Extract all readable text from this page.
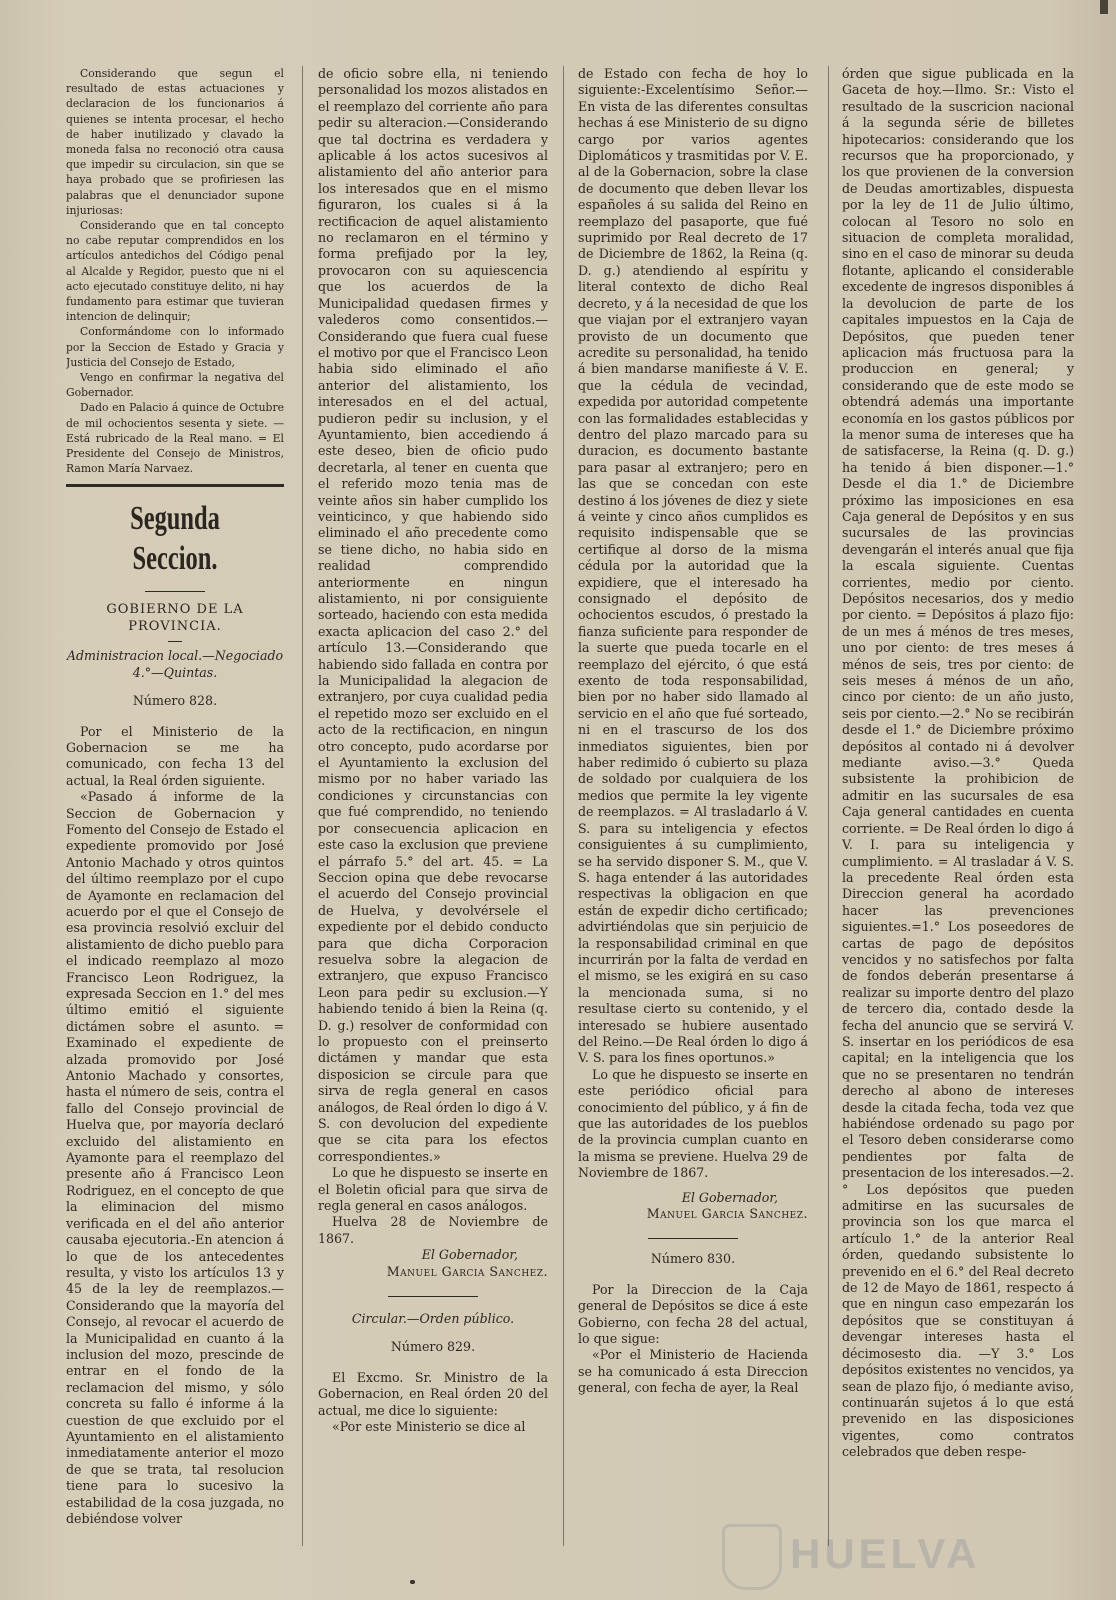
Considerando que segun el resultado de estas actuaciones y declaracion de los funcionarios á quienes se intenta procesar, el hecho de haber inutilizado y clavado la moneda falsa no reconoció otra causa que impedir su circulacion, sin que se haya probado que se profiriesen las palabras que el denunciador supone injuriosas:

Considerando que en tal concepto no cabe reputar comprendidos en los artículos antedichos del Código penal al Alcalde y Regidor, puesto que ni el acto ejecutado constituye delito, ni hay fundamento para estimar que tuvieran intencion de delinquir;

Conformándome con lo informado por la Seccion de Estado y Gracia y Justicia del Consejo de Estado,

Vengo en confirmar la negativa del Gobernador.

Dado en Palacio á quince de Octubre de mil ochocientos sesenta y siete. —Está rubricado de la Real mano. = El Presidente del Consejo de Ministros, Ramon María Narvaez.

Segunda Seccion.
GOBIERNO DE LA PROVINCIA.

Administracion local.—Negociado 4.°—Quintas.

Número 828.

Por el Ministerio de la Gobernacion se me ha comunicado, con fecha 13 del actual, la Real órden siguiente.

«Pasado á informe de la Seccion de Gobernacion y Fomento del Consejo de Estado el expediente promovido por José Antonio Machado y otros quintos del último reemplazo por el cupo de Ayamonte en reclamacion del acuerdo por el que el Consejo de esa provincia resolvió excluir del alistamiento de dicho pueblo para el indicado reemplazo al mozo Francisco Leon Rodriguez, la expresada Seccion en 1.° del mes último emitió el siguiente dictámen sobre el asunto. = Examinado el expediente de alzada promovido por José Antonio Machado y consortes, hasta el número de seis, contra el fallo del Consejo provincial de Huelva que, por mayoría declaró excluido del alistamiento en Ayamonte para el reemplazo del presente año á Francisco Leon Rodriguez, en el concepto de que la eliminacion del mismo verificada en el del año anterior causaba ejecutoria.-En atencion á lo que de los antecedentes resulta, y visto los artículos 13 y 45 de la ley de reemplazos.—Considerando que la mayoría del Consejo, al revocar el acuerdo de la Municipalidad en cuanto á la inclusion del mozo, prescinde de entrar en el fondo de la reclamacion del mismo, y sólo concreta su fallo é informe á la cuestion de que excluido por el Ayuntamiento en el alistamiento inmediatamente anterior el mozo de que se trata, tal resolucion tiene para lo sucesivo la estabilidad de la cosa juzgada, no debiéndose volver

de oficio sobre ella, ni teniendo personalidad los mozos alistados en el reemplazo del corriente año para pedir su alteracion.—Considerando que tal doctrina es verdadera y aplicable á los actos sucesivos al alistamiento del año anterior para los interesados que en el mismo figuraron, los cuales si á la rectificacion de aquel alistamiento no reclamaron en el término y forma prefijado por la ley, provocaron con su aquiescencia que los acuerdos de la Municipalidad quedasen firmes y valederos como consentidos.—Considerando que fuera cual fuese el motivo por que el Francisco Leon habia sido eliminado el año anterior del alistamiento, los interesados en el del actual, pudieron pedir su inclusion, y el Ayuntamiento, bien accediendo á este deseo, bien de oficio pudo decretarla, al tener en cuenta que el referido mozo tenia mas de veinte años sin haber cumplido los veinticinco, y que habiendo sido eliminado el año precedente como se tiene dicho, no habia sido en realidad comprendido anteriormente en ningun alistamiento, ni por consiguiente sorteado, haciendo con esta medida exacta aplicacion del caso 2.° del artículo 13.—Considerando que habiendo sido fallada en contra por la Municipalidad la alegacion de extranjero, por cuya cualidad pedia el repetido mozo ser excluido en el acto de la rectificacion, en ningun otro concepto, pudo acordarse por el Ayuntamiento la exclusion del mismo por no haber variado las condiciones y circunstancias con que fué comprendido, no teniendo por consecuencia aplicacion en este caso la exclusion que previene el párrafo 5.° del art. 45. = La Seccion opina que debe revocarse el acuerdo del Consejo provincial de Huelva, y devolvérsele el expediente por el debido conducto para que dicha Corporacion resuelva sobre la alegacion de extranjero, que expuso Francisco Leon para pedir su exclusion.—Y habiendo tenido á bien la Reina (q. D. g.) resolver de conformidad con lo propuesto con el preinserto dictámen y mandar que esta disposicion se circule para que sirva de regla general en casos análogos, de Real órden lo digo á V. S. con devolucion del expediente que se cita para los efectos correspondientes.»

Lo que he dispuesto se inserte en el Boletin oficial para que sirva de regla general en casos análogos.

Huelva 28 de Noviembre de 1867.

El Gobernador,

Manuel Garcia Sanchez.

Circular.—Orden público.

Número 829.

El Excmo. Sr. Ministro de la Gobernacion, en Real órden 20 del actual, me dice lo siguiente:

«Por este Ministerio se dice al

de Estado con fecha de hoy lo siguiente:-Excelentísimo Señor.— En vista de las diferentes consultas hechas á ese Ministerio de su digno cargo por varios agentes Diplomáticos y trasmitidas por V. E. al de la Gobernacion, sobre la clase de documento que deben llevar los españoles á su salida del Reino en reemplazo del pasaporte, que fué suprimido por Real decreto de 17 de Diciembre de 1862, la Reina (q. D. g.) atendiendo al espíritu y literal contexto de dicho Real decreto, y á la necesidad de que los que viajan por el extranjero vayan provisto de un documento que acredite su personalidad, ha tenido á bien mandarse manifieste á V. E. que la cédula de vecindad, expedida por autoridad competente con las formalidades establecidas y dentro del plazo marcado para su duracion, es documento bastante para pasar al extranjero; pero en las que se concedan con este destino á los jóvenes de diez y siete á veinte y cinco años cumplidos es requisito indispensable que se certifique al dorso de la misma cédula por la autoridad que la expidiere, que el interesado ha consignado el depósito de ochocientos escudos, ó prestado la fianza suficiente para responder de la suerte que pueda tocarle en el reemplazo del ejército, ó que está exento de toda responsabilidad, bien por no haber sido llamado al servicio en el año que fué sorteado, ni en el trascurso de los dos inmediatos siguientes, bien por haber redimido ó cubierto su plaza de soldado por cualquiera de los medios que permite la ley vigente de reemplazos. = Al trasladarlo á V. S. para su inteligencia y efectos consiguientes á su cumplimiento, se ha servido disponer S. M., que V. S. haga entender á las autoridades respectivas la obligacion en que están de expedir dicho certificado; advirtiéndolas que sin perjuicio de la responsabilidad criminal en que incurrirán por la falta de verdad en el mismo, se les exigirá en su caso la mencionada suma, si no resultase cierto su contenido, y el interesado se hubiere ausentado del Reino.—De Real órden lo digo á V. S. para los fines oportunos.»

Lo que he dispuesto se inserte en este periódico oficial para conocimiento del público, y á fin de que las autoridades de los pueblos de la provincia cumplan cuanto en la misma se previene. Huelva 29 de Noviembre de 1867.

El Gobernador,

Manuel Garcia Sanchez.

Número 830.

Por la Direccion de la Caja general de Depósitos se dice á este Gobierno, con fecha 28 del actual, lo que sigue:

«Por el Ministerio de Hacienda se ha comunicado á esta Direccion general, con fecha de ayer, la Real

órden que sigue publicada en la Gaceta de hoy.—Ilmo. Sr.: Visto el resultado de la suscricion nacional á la segunda série de billetes hipotecarios: considerando que los recursos que ha proporcionado, y los que provienen de la conversion de Deudas amortizables, dispuesta por la ley de 11 de Julio último, colocan al Tesoro no solo en situacion de completa moralidad, sino en el caso de minorar su deuda flotante, aplicando el considerable excedente de ingresos disponibles á la devolucion de parte de los capitales impuestos en la Caja de Depósitos, que pueden tener aplicacion más fructuosa para la produccion en general; y considerando que de este modo se obtendrá además una importante economía en los gastos públicos por la menor suma de intereses que ha de satisfacerse, la Reina (q. D. g.) ha tenido á bien disponer.—1.° Desde el dia 1.° de Diciembre próximo las imposiciones en esa Caja general de Depósitos y en sus sucursales de las provincias devengarán el interés anual que fija la escala siguiente. Cuentas corrientes, medio por ciento. Depósitos necesarios, dos y medio por ciento. = Depósitos á plazo fijo: de un mes á ménos de tres meses, uno por ciento: de tres meses á ménos de seis, tres por ciento: de seis meses á ménos de un año, cinco por ciento: de un año justo, seis por ciento.—2.° No se recibirán desde el 1.° de Diciembre próximo depósitos al contado ni á devolver mediante aviso.—3.° Queda subsistente la prohibicion de admitir en las sucursales de esa Caja general cantidades en cuenta corriente. = De Real órden lo digo á V. I. para su inteligencia y cumplimiento. = Al trasladar á V. S. la precedente Real órden esta Direccion general ha acordado hacer las prevenciones siguientes.=1.° Los poseedores de cartas de pago de depósitos vencidos y no satisfechos por falta de fondos deberán presentarse á realizar su importe dentro del plazo de tercero dia, contado desde la fecha del anuncio que se servirá V. S. insertar en los periódicos de esa capital; en la inteligencia que los que no se presentaren no tendrán derecho al abono de intereses desde la citada fecha, toda vez que habiéndose ordenado su pago por el Tesoro deben considerarse como pendientes por falta de presentacion de los interesados.—2.° Los depósitos que pueden admitirse en las sucursales de provincia son los que marca el artículo 1.° de la anterior Real órden, quedando subsistente lo prevenido en el 6.° del Real decreto de 12 de Mayo de 1861, respecto á que en ningun caso empezarán los depósitos que se constituyan á devengar intereses hasta el décimosesto dia. —Y 3.° Los depósitos existentes no vencidos, ya sean de plazo fijo, ó mediante aviso, continuarán sujetos á lo que está prevenido en las disposiciones vigentes, como contratos celebrados que deben respe-

HUELVA
